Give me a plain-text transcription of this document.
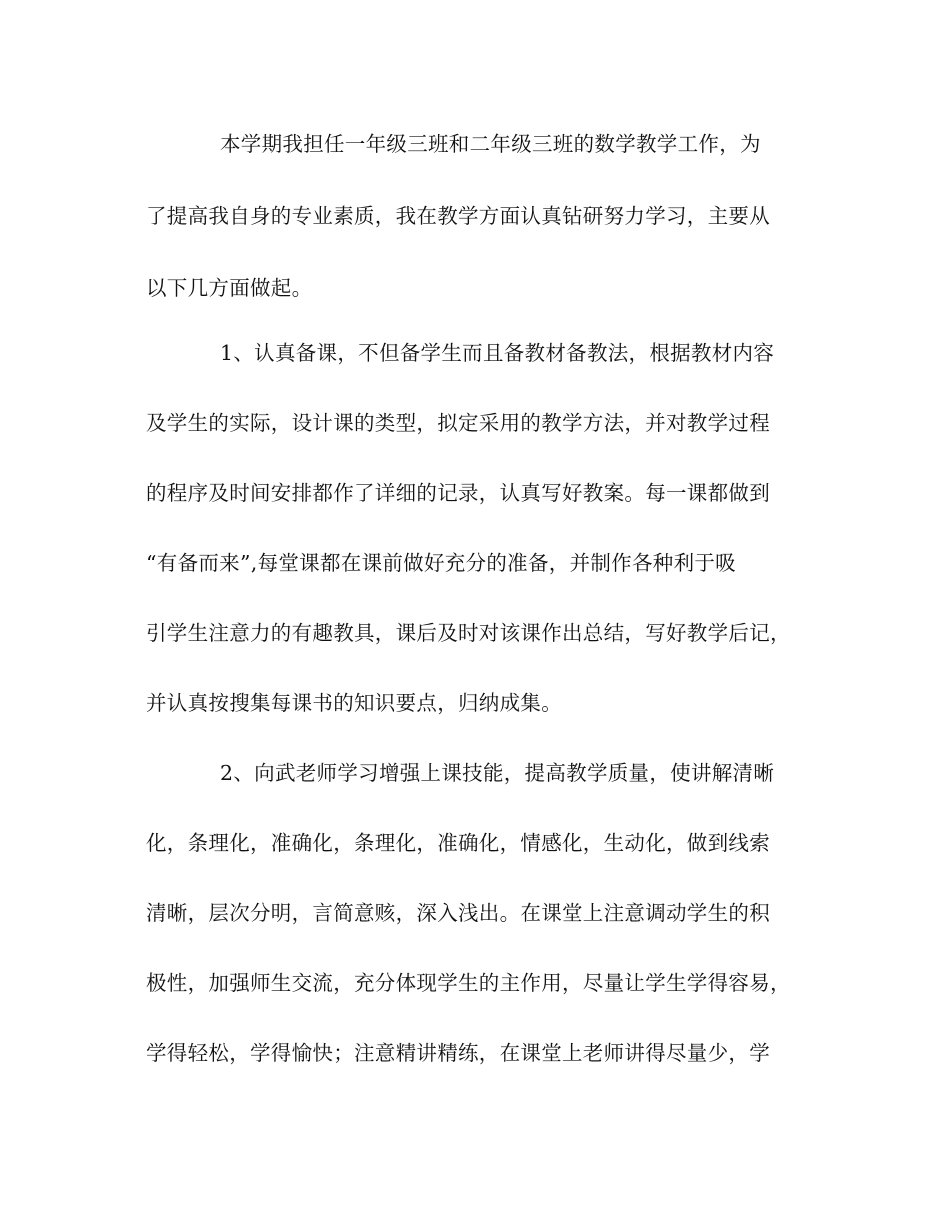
本学期我担任一年级三班和二年级三班的数学教学工作，为
了提高我自身的专业素质，我在教学方面认真钻研努力学习，主要从
以下几方面做起。
1、认真备课，不但备学生而且备教材备教法，根据教材内容
及学生的实际，设计课的类型，拟定采用的教学方法，并对教学过程
的程序及时间安排都作了详细的记录，认真写好教案。每一课都做到
“有备而来”,每堂课都在课前做好充分的准备，并制作各种利于吸
引学生注意力的有趣教具，课后及时对该课作出总结，写好教学后记，
并认真按搜集每课书的知识要点，归纳成集。
2、向武老师学习增强上课技能，提高教学质量，使讲解清晰
化，条理化，准确化，条理化，准确化，情感化，生动化，做到线索
清晰，层次分明，言简意赅，深入浅出。在课堂上注意调动学生的积
极性，加强师生交流，充分体现学生的主作用，尽量让学生学得容易，
学得轻松，学得愉快；注意精讲精练，在课堂上老师讲得尽量少，学
